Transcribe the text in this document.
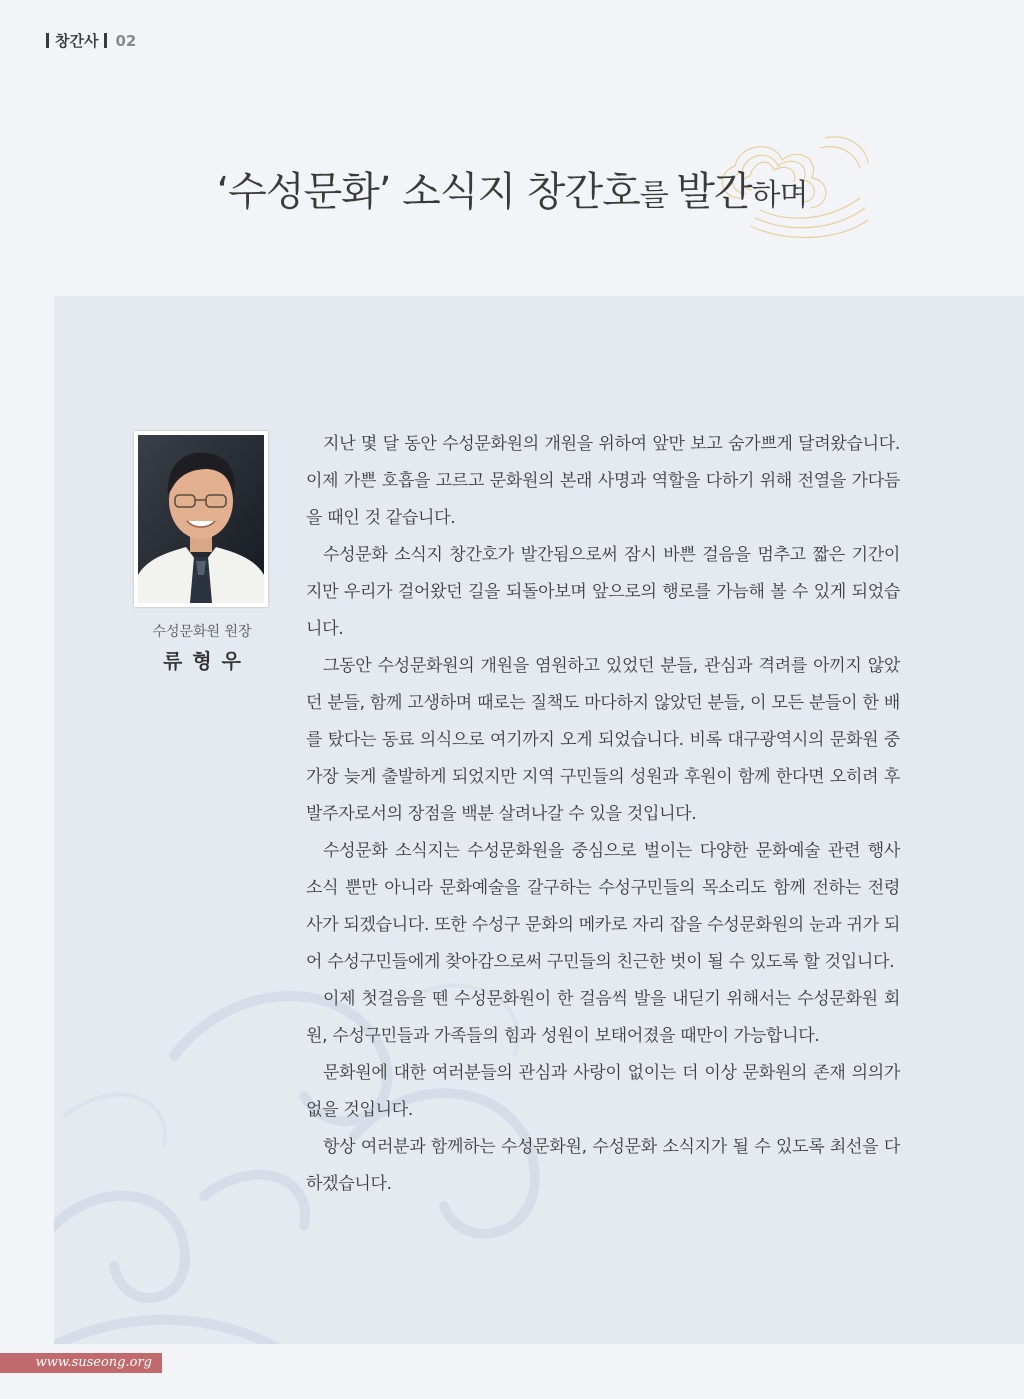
창간사 02
‘수성문화’ 소식지 창간호를 발간하며
수성문화원 원장
류형우

지난 몇 달 동안 수성문화원의 개원을 위하여 앞만 보고 숨가쁘게 달려왔습니다. 이제 가쁜 호흡을 고르고 문화원의 본래 사명과 역할을 다하기 위해 전열을 가다듬을 때인 것 같습니다.

수성문화 소식지 창간호가 발간됨으로써 잠시 바쁜 걸음을 멈추고 짧은 기간이지만 우리가 걸어왔던 길을 되돌아보며 앞으로의 행로를 가늠해 볼 수 있게 되었습니다.

그동안 수성문화원의 개원을 염원하고 있었던 분들, 관심과 격려를 아끼지 않았던 분들, 함께 고생하며 때로는 질책도 마다하지 않았던 분들, 이 모든 분들이 한 배를 탔다는 동료 의식으로 여기까지 오게 되었습니다. 비록 대구광역시의 문화원 중 가장 늦게 출발하게 되었지만 지역 구민들의 성원과 후원이 함께 한다면 오히려 후발주자로서의 장점을 백분 살려나갈 수 있을 것입니다.

수성문화 소식지는 수성문화원을 중심으로 벌이는 다양한 문화예술 관련 행사 소식 뿐만 아니라 문화예술을 갈구하는 수성구민들의 목소리도 함께 전하는 전령사가 되겠습니다. 또한 수성구 문화의 메카로 자리 잡을 수성문화원의 눈과 귀가 되어 수성구민들에게 찾아감으로써 구민들의 친근한 벗이 될 수 있도록 할 것입니다.

이제 첫걸음을 뗀 수성문화원이 한 걸음씩 발을 내딛기 위해서는 수성문화원 회원, 수성구민들과 가족들의 힘과 성원이 보태어졌을 때만이 가능합니다.

문화원에 대한 여러분들의 관심과 사랑이 없이는 더 이상 문화원의 존재 의의가 없을 것입니다.

항상 여러분과 함께하는 수성문화원, 수성문화 소식지가 될 수 있도록 최선을 다하겠습니다.

www.suseong.org
